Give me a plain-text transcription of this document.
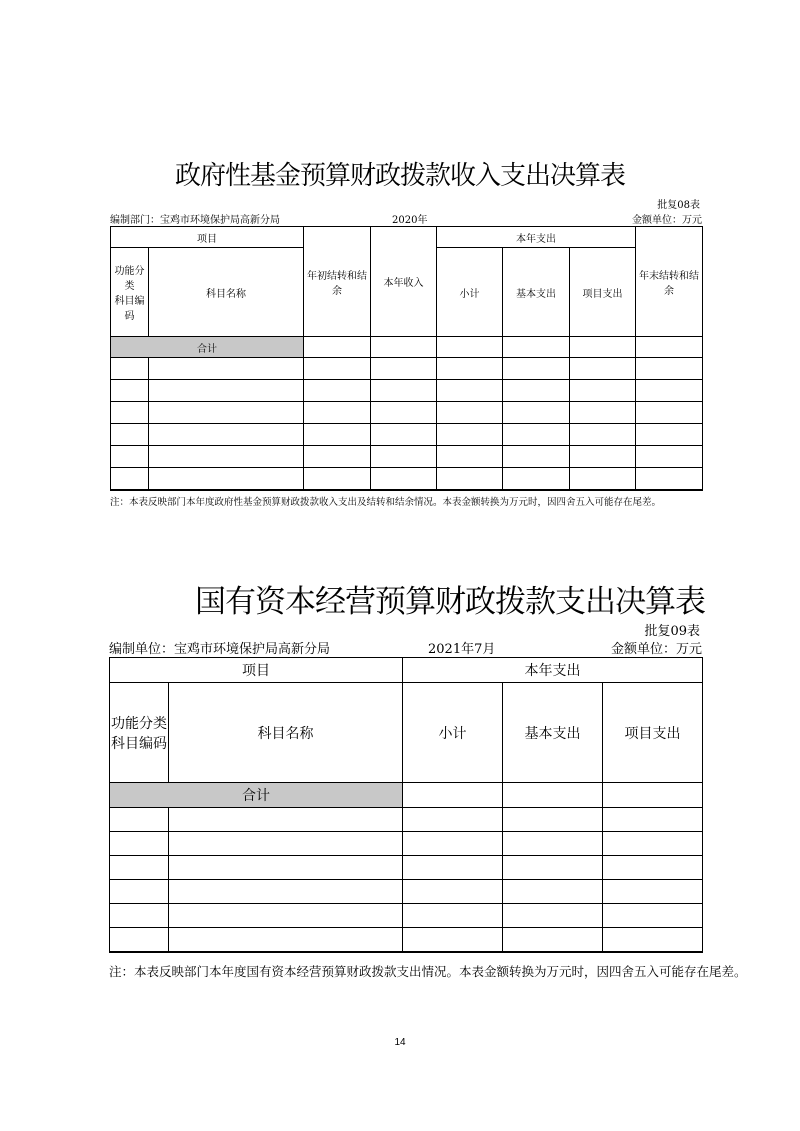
政府性基金预算财政拨款收入支出决算表
批复08表
编制部门：宝鸡市环境保护局高新分局	2020年	金额单位：万元
项目		年初结转和结余	本年收入	本年支出			年末结转和结余
功能分类
科目编码	科目名称			小计	基本支出	项目支出	
合计							

注：本表反映部门本年度政府性基金预算财政拨款收入支出及结转和结余情况。本表金额转换为万元时，因四舍五入可能存在尾差。
国有资本经营预算财政拨款支出决算表
批复09表
编制单位：宝鸡市环境保护局高新分局	2021年7月	金额单位：万元
项目		本年支出		
功能分类
科目编码	科目名称	小计	基本支出	项目支出
合计				

注：本表反映部门本年度国有资本经营预算财政拨款支出情况。本表金额转换为万元时，因四舍五入可能存在尾差。
14
